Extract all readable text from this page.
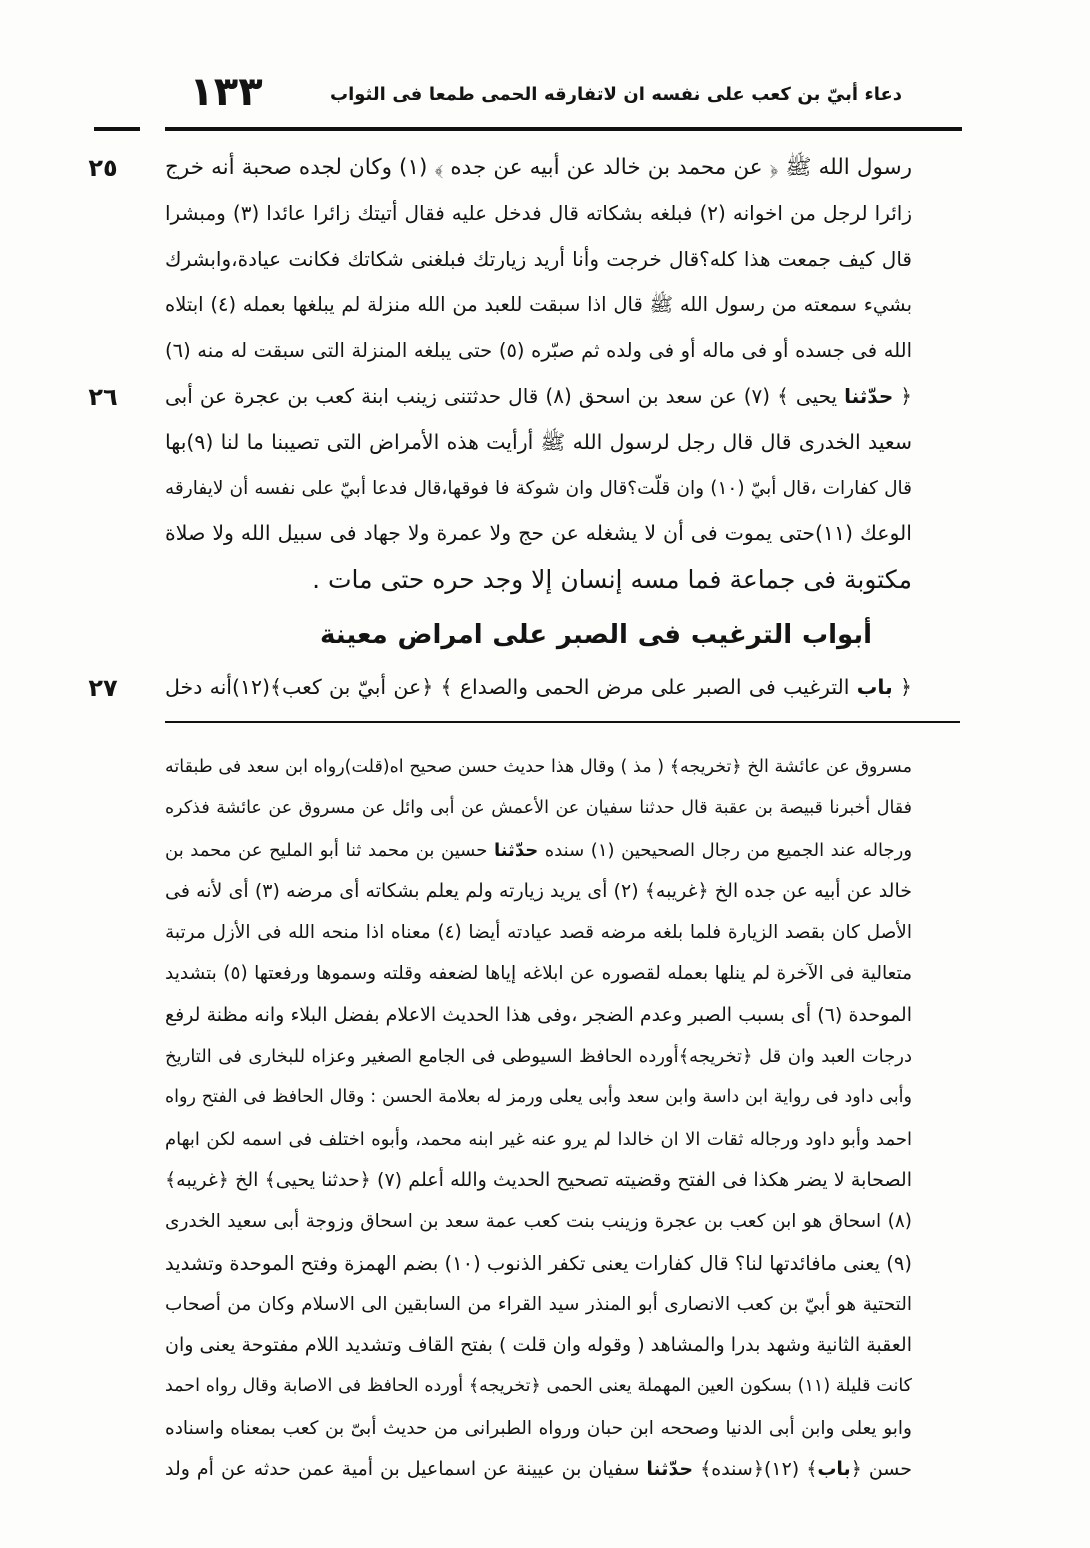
١٣٣	دعاء أبيّ بن كعب على نفسه ان لاتفارقه الحمى طمعا فى الثواب
٢٥
٢٦
٢٧
رسول الله ﷺ ﴿ عن محمد بن خالد عن أبيه عن جده ﴾ (١) وكان لجده صحبة أنه خرج
زائرا لرجل من اخوانه (٢) فبلغه بشكاته قال فدخل عليه فقال أتيتك زائرا عائدا (٣) ومبشرا
قال كيف جمعت هذا كله؟قال خرجت وأنا أريد زيارتك فبلغنى شكاتك فكانت عيادة،وابشرك
بشيء سمعته من رسول الله ﷺ قال اذا سبقت للعبد من الله منزلة لم يبلغها بعمله (٤) ابتلاه
الله فى جسده أو فى ماله أو فى ولده ثم صبّره (٥) حتى يبلغه المنزلة التى سبقت له منه (٦)
﴿ حدّثنا يحيى ﴾ (٧) عن سعد بن اسحق (٨) قال حدثتنى زينب ابنة كعب بن عجرة عن أبى
سعيد الخدرى قال قال رجل لرسول الله ﷺ أرأيت هذه الأمراض التى تصيبنا ما لنا (٩)بها
قال كفارات ،قال أبيّ (١٠) وان قلّت؟قال وان شوكة فا فوقها،قال فدعا أبيّ على نفسه أن لايفارقه
الوعك (١١)حتى يموت فى أن لا يشغله عن حج ولا عمرة ولا جهاد فى سبيل الله ولا صلاة
مكتوبة فى جماعة فما مسه إنسان إلا وجد حره حتى مات .
أبواب الترغيب فى الصبر على امراض معينة
﴿ باب الترغيب فى الصبر على مرض الحمى والصداع ﴾ ﴿عن أبيّ بن كعب﴾(١٢)أنه دخل
مسروق عن عائشة الخ ﴿تخريجه﴾ ( مذ ) وقال هذا حديث حسن صحيح اه(قلت)رواه ابن سعد فى طبقاته
فقال أخبرنا قبيصة بن عقبة قال حدثنا سفيان عن الأعمش عن أبى وائل عن مسروق عن عائشة فذكره
ورجاله عند الجميع من رجال الصحيحين (١) سنده حدّثنا حسين بن محمد ثنا أبو المليح عن محمد بن
خالد عن أبيه عن جده الخ ﴿غريبه﴾ (٢) أى يريد زيارته ولم يعلم بشكاته أى مرضه (٣) أى لأنه فى
الأصل كان بقصد الزيارة فلما بلغه مرضه قصد عيادته أيضا (٤) معناه اذا منحه الله فى الأزل مرتبة
متعالية فى الآخرة لم ينلها بعمله لقصوره عن ابلاغه إياها لضعفه وقلته وسموها ورفعتها (٥) بتشديد
الموحدة (٦) أى بسبب الصبر وعدم الضجر ،وفى هذا الحديث الاعلام بفضل البلاء وانه مظنة لرفع
درجات العبد وان قل ﴿تخريجه﴾أورده الحافظ السيوطى فى الجامع الصغير وعزاه للبخارى فى التاريخ
وأبى داود فى رواية ابن داسة وابن سعد وأبى يعلى ورمز له بعلامة الحسن : وقال الحافظ فى الفتح رواه
احمد وأبو داود ورجاله ثقات الا ان خالدا لم يرو عنه غير ابنه محمد، وأبوه اختلف فى اسمه لكن ابهام
الصحابة لا يضر هكذا فى الفتح وقضيته تصحيح الحديث والله أعلم (٧) ﴿حدثنا يحيى﴾ الخ ﴿غريبه﴾
(٨) اسحاق هو ابن كعب بن عجرة وزينب بنت كعب عمة سعد بن اسحاق وزوجة أبى سعيد الخدرى
(٩) يعنى مافائدتها لنا؟ قال كفارات يعنى تكفر الذنوب (١٠) بضم الهمزة وفتح الموحدة وتشديد
التحتية هو أبيّ بن كعب الانصارى أبو المنذر سيد القراء من السابقين الى الاسلام وكان من أصحاب
العقبة الثانية وشهد بدرا والمشاهد ( وقوله وان قلت ) بفتح القاف وتشديد اللام مفتوحة يعنى وان
كانت قليلة (١١) بسكون العين المهملة يعنى الحمى ﴿تخريجه﴾ أورده الحافظ فى الاصابة وقال رواه احمد
وابو يعلى وابن أبى الدنيا وصححه ابن حبان ورواه الطبرانى من حديث أبىّ بن كعب بمعناه واسناده
حسن ﴿باب﴾ (١٢)﴿سنده﴾ حدّثنا سفيان بن عيينة عن اسماعيل بن أمية عمن حدثه عن أم ولد
